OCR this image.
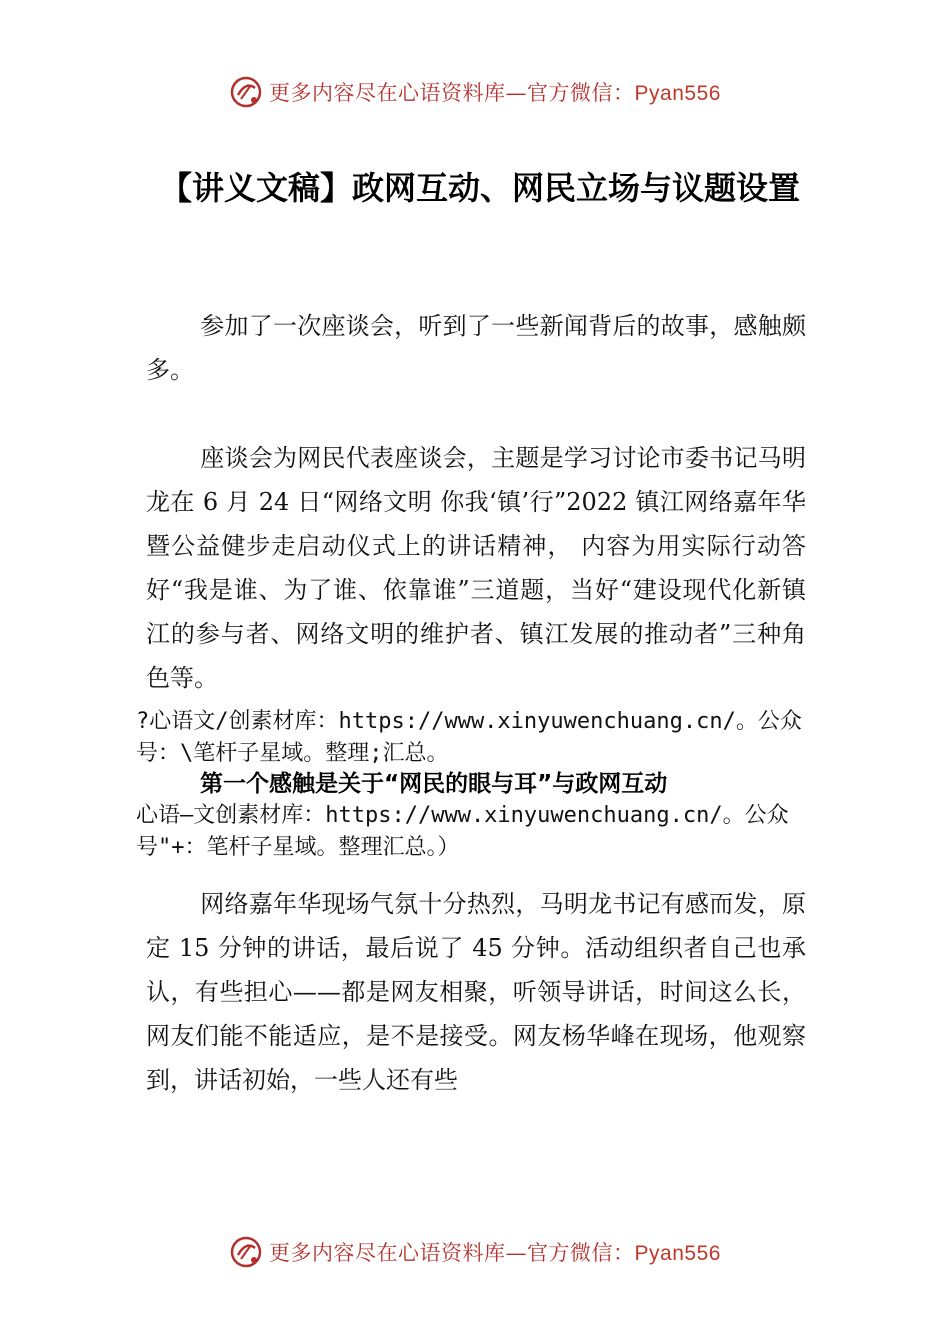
更多内容尽在心语资料库—官方微信：Pyan556
【讲义文稿】政网互动、网民立场与议题设置
参加了一次座谈会，听到了一些新闻背后的故事，感触颇多。
座谈会为网民代表座谈会，主题是学习讨论市委书记马明龙在 6 月 24 日“网络文明 你我‘镇’行”2022 镇江网络嘉年华暨公益健步走启动仪式上的讲话精神， 内容为用实际行动答好“我是谁、为了谁、依靠谁”三道题，当好“建设现代化新镇江的参与者、网络文明的维护者、镇江发展的推动者”三种角色等。
?心语文/创素材库：https://www.xinyuwenchuang.cn/。公众号：\笔杆子星域。整理;汇总。
第一个感触是关于“网民的眼与耳”与政网互动
心语—文创素材库：https://www.xinyuwenchuang.cn/。公众号"+：笔杆子星域。整理汇总。）
网络嘉年华现场气氛十分热烈，马明龙书记有感而发，原定 15 分钟的讲话，最后说了 45 分钟。活动组织者自己也承认，有些担心——都是网友相聚，听领导讲话，时间这么长，网友们能不能适应，是不是接受。网友杨华峰在现场，他观察到，讲话初始，一些人还有些
更多内容尽在心语资料库—官方微信：Pyan556
